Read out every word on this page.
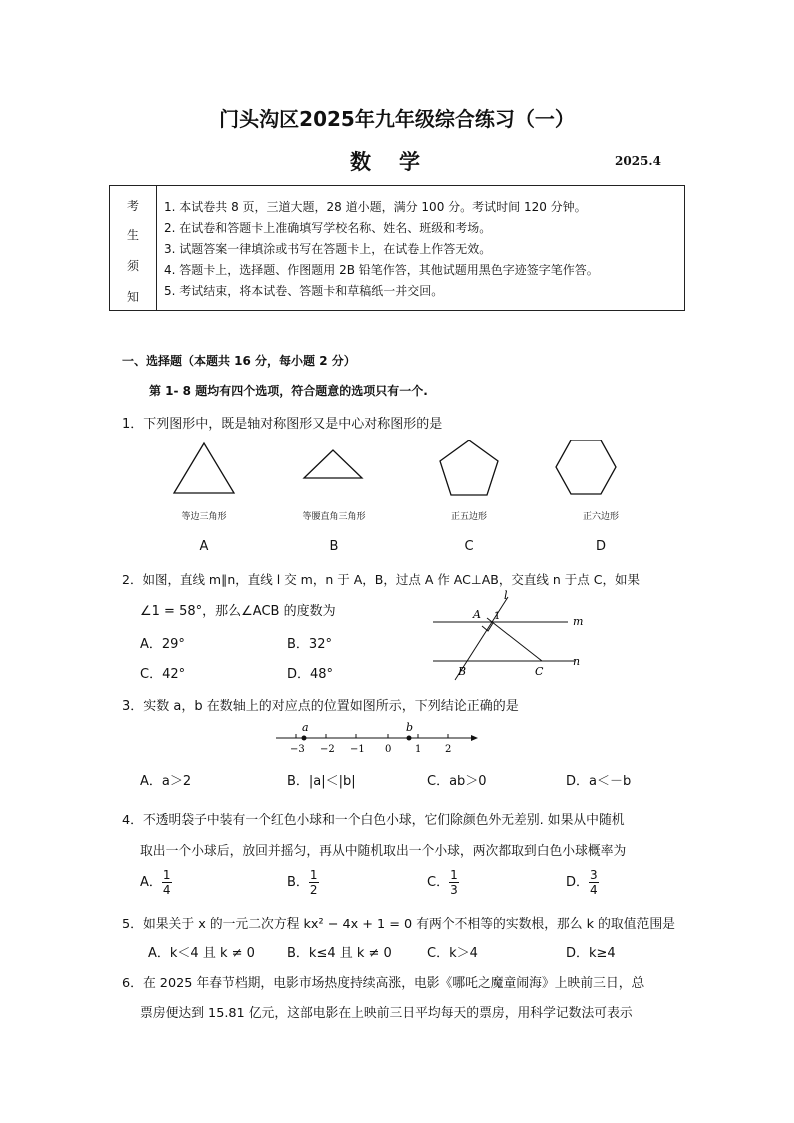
门头沟区2025年九年级综合练习（一）
数学	2025.4
考
生
须
知
1. 本试卷共 8 页，三道大题，28 道小题，满分 100 分。考试时间 120 分钟。
2. 在试卷和答题卡上准确填写学校名称、姓名、班级和考场。
3. 试题答案一律填涂或书写在答题卡上，在试卷上作答无效。
4. 答题卡上，选择题、作图题用 2B 铅笔作答，其他试题用黑色字迹签字笔作答。
5. 考试结束，将本试卷、答题卡和草稿纸一并交回。
一、选择题（本题共 16 分，每小题 2 分）
第 1- 8 题均有四个选项，符合题意的选项只有一个.
1．下列图形中，既是轴对称图形又是中心对称图形的是
等边三角形	等腰直角三角形	正五边形	正六边形
A	B	C	D
2．如图，直线 m∥n，直线 l 交 m，n 于 A，B，过点 A 作 AC⊥AB，交直线 n 于点 C，如果
∠1 = 58°，那么∠ACB 的度数为
A．29°	B．32°
C．42°	D．48°
l
A 1	m
n
B	C
3．实数 a，b 在数轴上的对应点的位置如图所示，下列结论正确的是
a	b
−3 −2 −1 0 1 2
A．a＞2	B．|a|＜|b|	C．ab＞0	D．a＜－b
4．不透明袋子中装有一个红色小球和一个白色小球，它们除颜色外无差别. 如果从中随机
取出一个小球后，放回并摇匀，再从中随机取出一个小球，两次都取到白色小球概率为
A． $\frac{1}{4}$	B． $\frac{1}{2}$	C． $\frac{1}{3}$	D． $\frac{3}{4}$
5．如果关于 x 的一元二次方程 kx² − 4x + 1 = 0 有两个不相等的实数根，那么 k 的取值范围是
A．k＜4 且 k ≠ 0 B．k≤4 且 k ≠ 0	C．k＞4	D．k≥4
6．在 2025 年春节档期，电影市场热度持续高涨，电影《哪吒之魔童闹海》上映前三日，总
票房便达到 15.81 亿元，这部电影在上映前三日平均每天的票房，用科学记数法可表示
